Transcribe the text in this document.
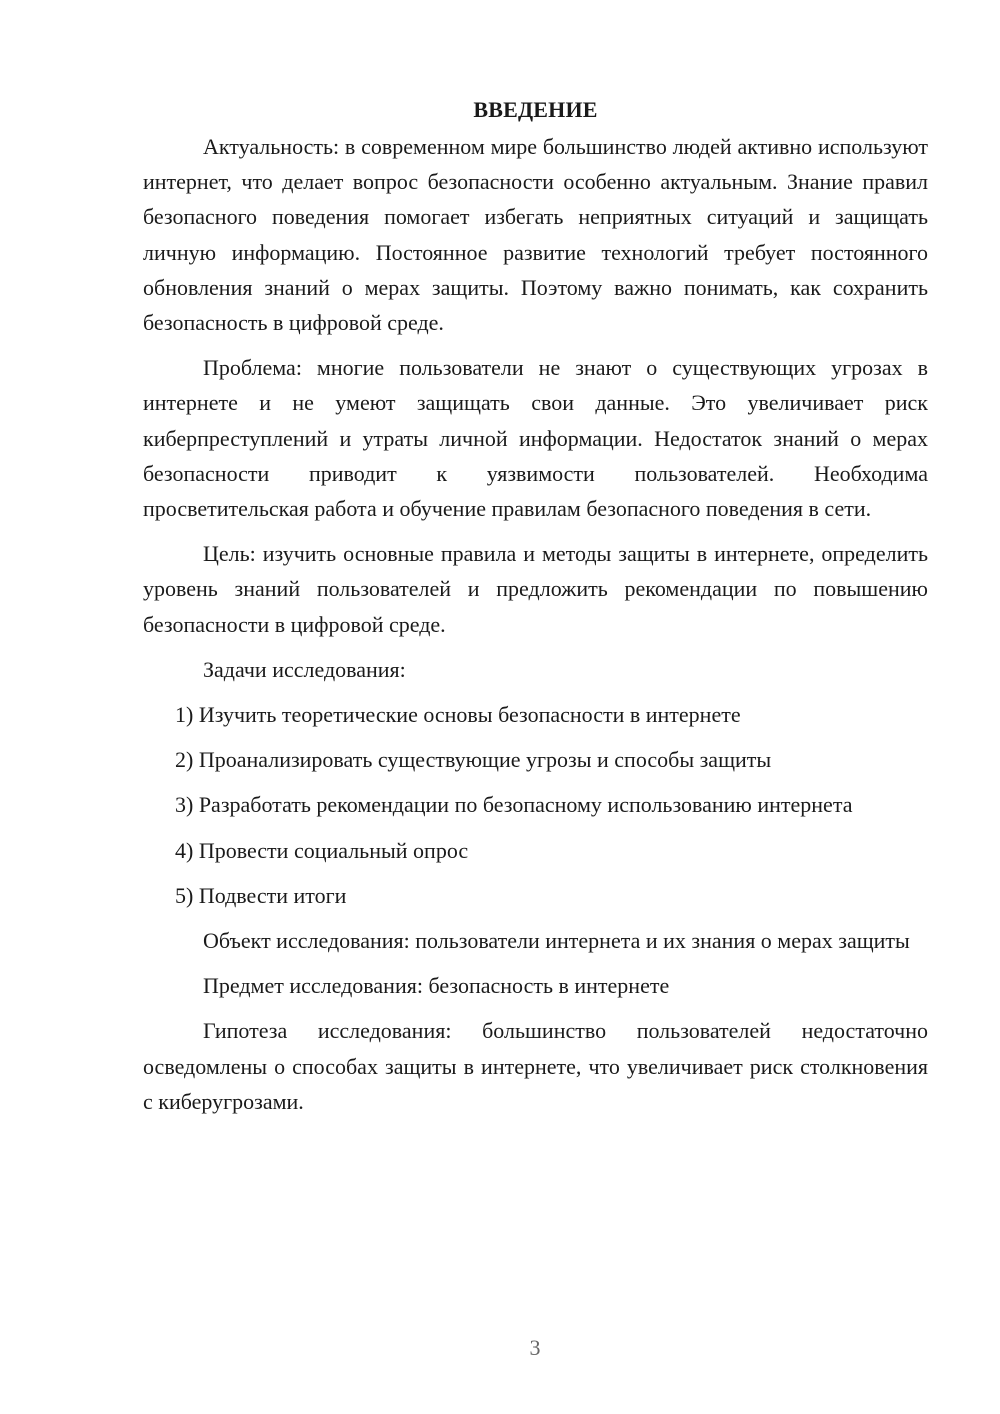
ВВЕДЕНИЕ

Актуальность: в современном мире большинство людей активно используют интернет, что делает вопрос безопасности особенно актуальным. Знание правил безопасного поведения помогает избегать неприятных ситуаций и защищать личную информацию. Постоянное развитие технологий требует постоянного обновления знаний о мерах защиты. Поэтому важно понимать, как сохранить безопасность в цифровой среде.

Проблема: многие пользователи не знают о существующих угрозах в интернете и не умеют защищать свои данные. Это увеличивает риск киберпреступлений и утраты личной информации. Недостаток знаний о мерах безопасности приводит к уязвимости пользователей. Необходима просветительская работа и обучение правилам безопасного поведения в сети.

Цель: изучить основные правила и методы защиты в интернете, определить уровень знаний пользователей и предложить рекомендации по повышению безопасности в цифровой среде.

Задачи исследования:

1) Изучить теоретические основы безопасности в интернете

2) Проанализировать существующие угрозы и способы защиты

3) Разработать рекомендации по безопасному использованию интернета

4) Провести социальный опрос

5) Подвести итоги

Объект исследования: пользователи интернета и их знания о мерах защиты

Предмет исследования: безопасность в интернете

Гипотеза исследования: большинство пользователей недостаточно осведомлены о способах защиты в интернете, что увеличивает риск столкновения с киберугрозами.

3
